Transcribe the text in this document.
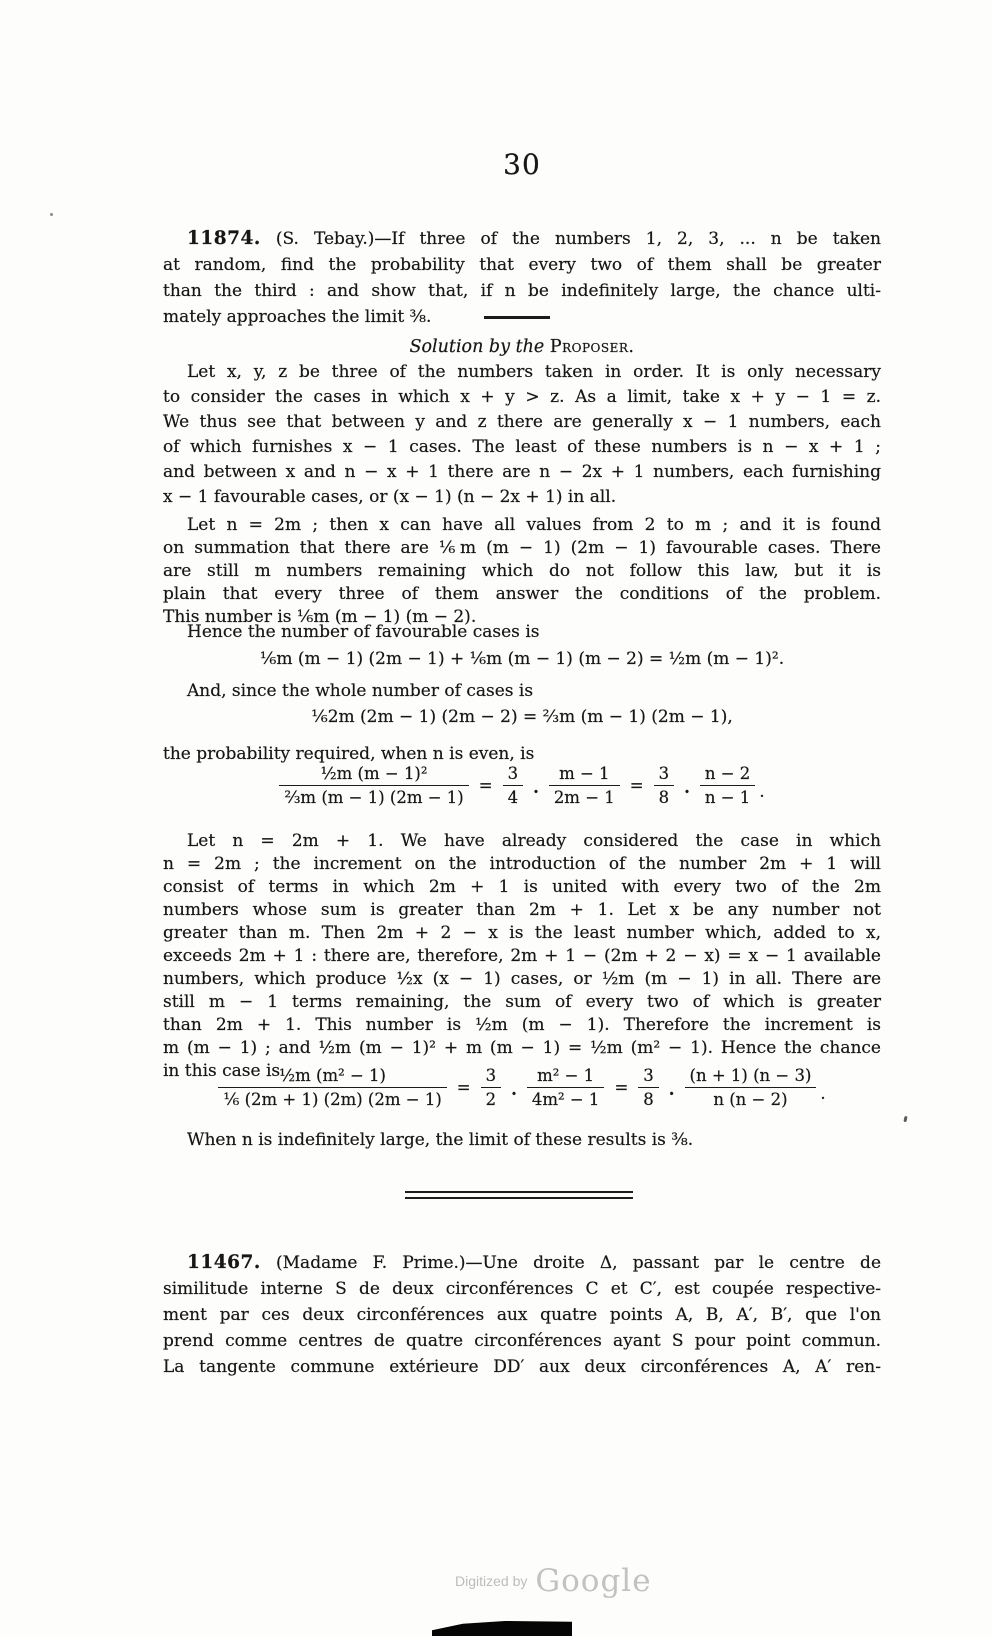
30
11874. (S. Tebay.)—If three of the numbers 1, 2, 3, ... n be taken
at random, find the probability that every two of them shall be greater
than the third : and show that, if n be indefinitely large, the chance ulti-
mately approaches the limit ⅜.
Solution by the Proposer.
Let x, y, z be three of the numbers taken in order. It is only necessary
to consider the cases in which x + y > z. As a limit, take x + y − 1 = z.
We thus see that between y and z there are generally x − 1 numbers, each
of which furnishes x − 1 cases. The least of these numbers is n − x + 1 ;
and between x and n − x + 1 there are n − 2x + 1 numbers, each furnishing
x − 1 favourable cases, or (x − 1) (n − 2x + 1) in all.
Let n = 2m ; then x can have all values from 2 to m ; and it is found
on summation that there are ⅙m (m − 1) (2m − 1) favourable cases. There
are still m numbers remaining which do not follow this law, but it is
plain that every three of them answer the conditions of the problem.
This number is ⅙m (m − 1) (m − 2).
Hence the number of favourable cases is
⅙m (m − 1) (2m − 1) + ⅙m (m − 1) (m − 2) = ½m (m − 1)².
And, since the whole number of cases is
⅙2m (2m − 1) (2m − 2) = ⅔m (m − 1) (2m − 1),
the probability required, when n is even, is
$\frac{\text{½m (m − 1)²}}{\text{⅔m (m − 1) (2m − 1)}} = \frac{3}{4}$ . $\frac{m - 1}{2m - 1} = \frac{3}{8}$ . $\frac{n - 2}{n - 1}$ .
Let n = 2m + 1. We have already considered the case in which
n = 2m ; the increment on the introduction of the number 2m + 1 will
consist of terms in which 2m + 1 is united with every two of the 2m
numbers whose sum is greater than 2m + 1. Let x be any number not
greater than m. Then 2m + 2 − x is the least number which, added to x,
exceeds 2m + 1 : there are, therefore, 2m + 1 − (2m + 2 − x) = x − 1 available
numbers, which produce ½x (x − 1) cases, or ½m (m − 1) in all. There are
still m − 1 terms remaining, the sum of every two of which is greater
than 2m + 1. This number is ½m (m − 1). Therefore the increment is
m (m − 1) ; and ½m (m − 1)² + m (m − 1) = ½m (m² − 1). Hence the chance
in this case is
$\frac{\text{½m (m² − 1)}}{\text{⅙ (2m + 1) (2m) (2m − 1)}} = \frac{3}{2}$ . $\frac{\text{m² − 1}}{\text{4m² − 1}} = \frac{3}{8}$ . $\frac{(n + 1) (n - 3)}{n (n - 2)}$ .
When n is indefinitely large, the limit of these results is ⅜.
11467. (Madame F. Prime.)—Une droite Δ, passant par le centre de
similitude interne S de deux circonférences C et C′, est coupée respective-
ment par ces deux circonférences aux quatre points A, B, A′, B′, que l'on
prend comme centres de quatre circonférences ayant S pour point commun.
La tangente commune extérieure DD′ aux deux circonférences A, A′ ren-
Digitized by Google
